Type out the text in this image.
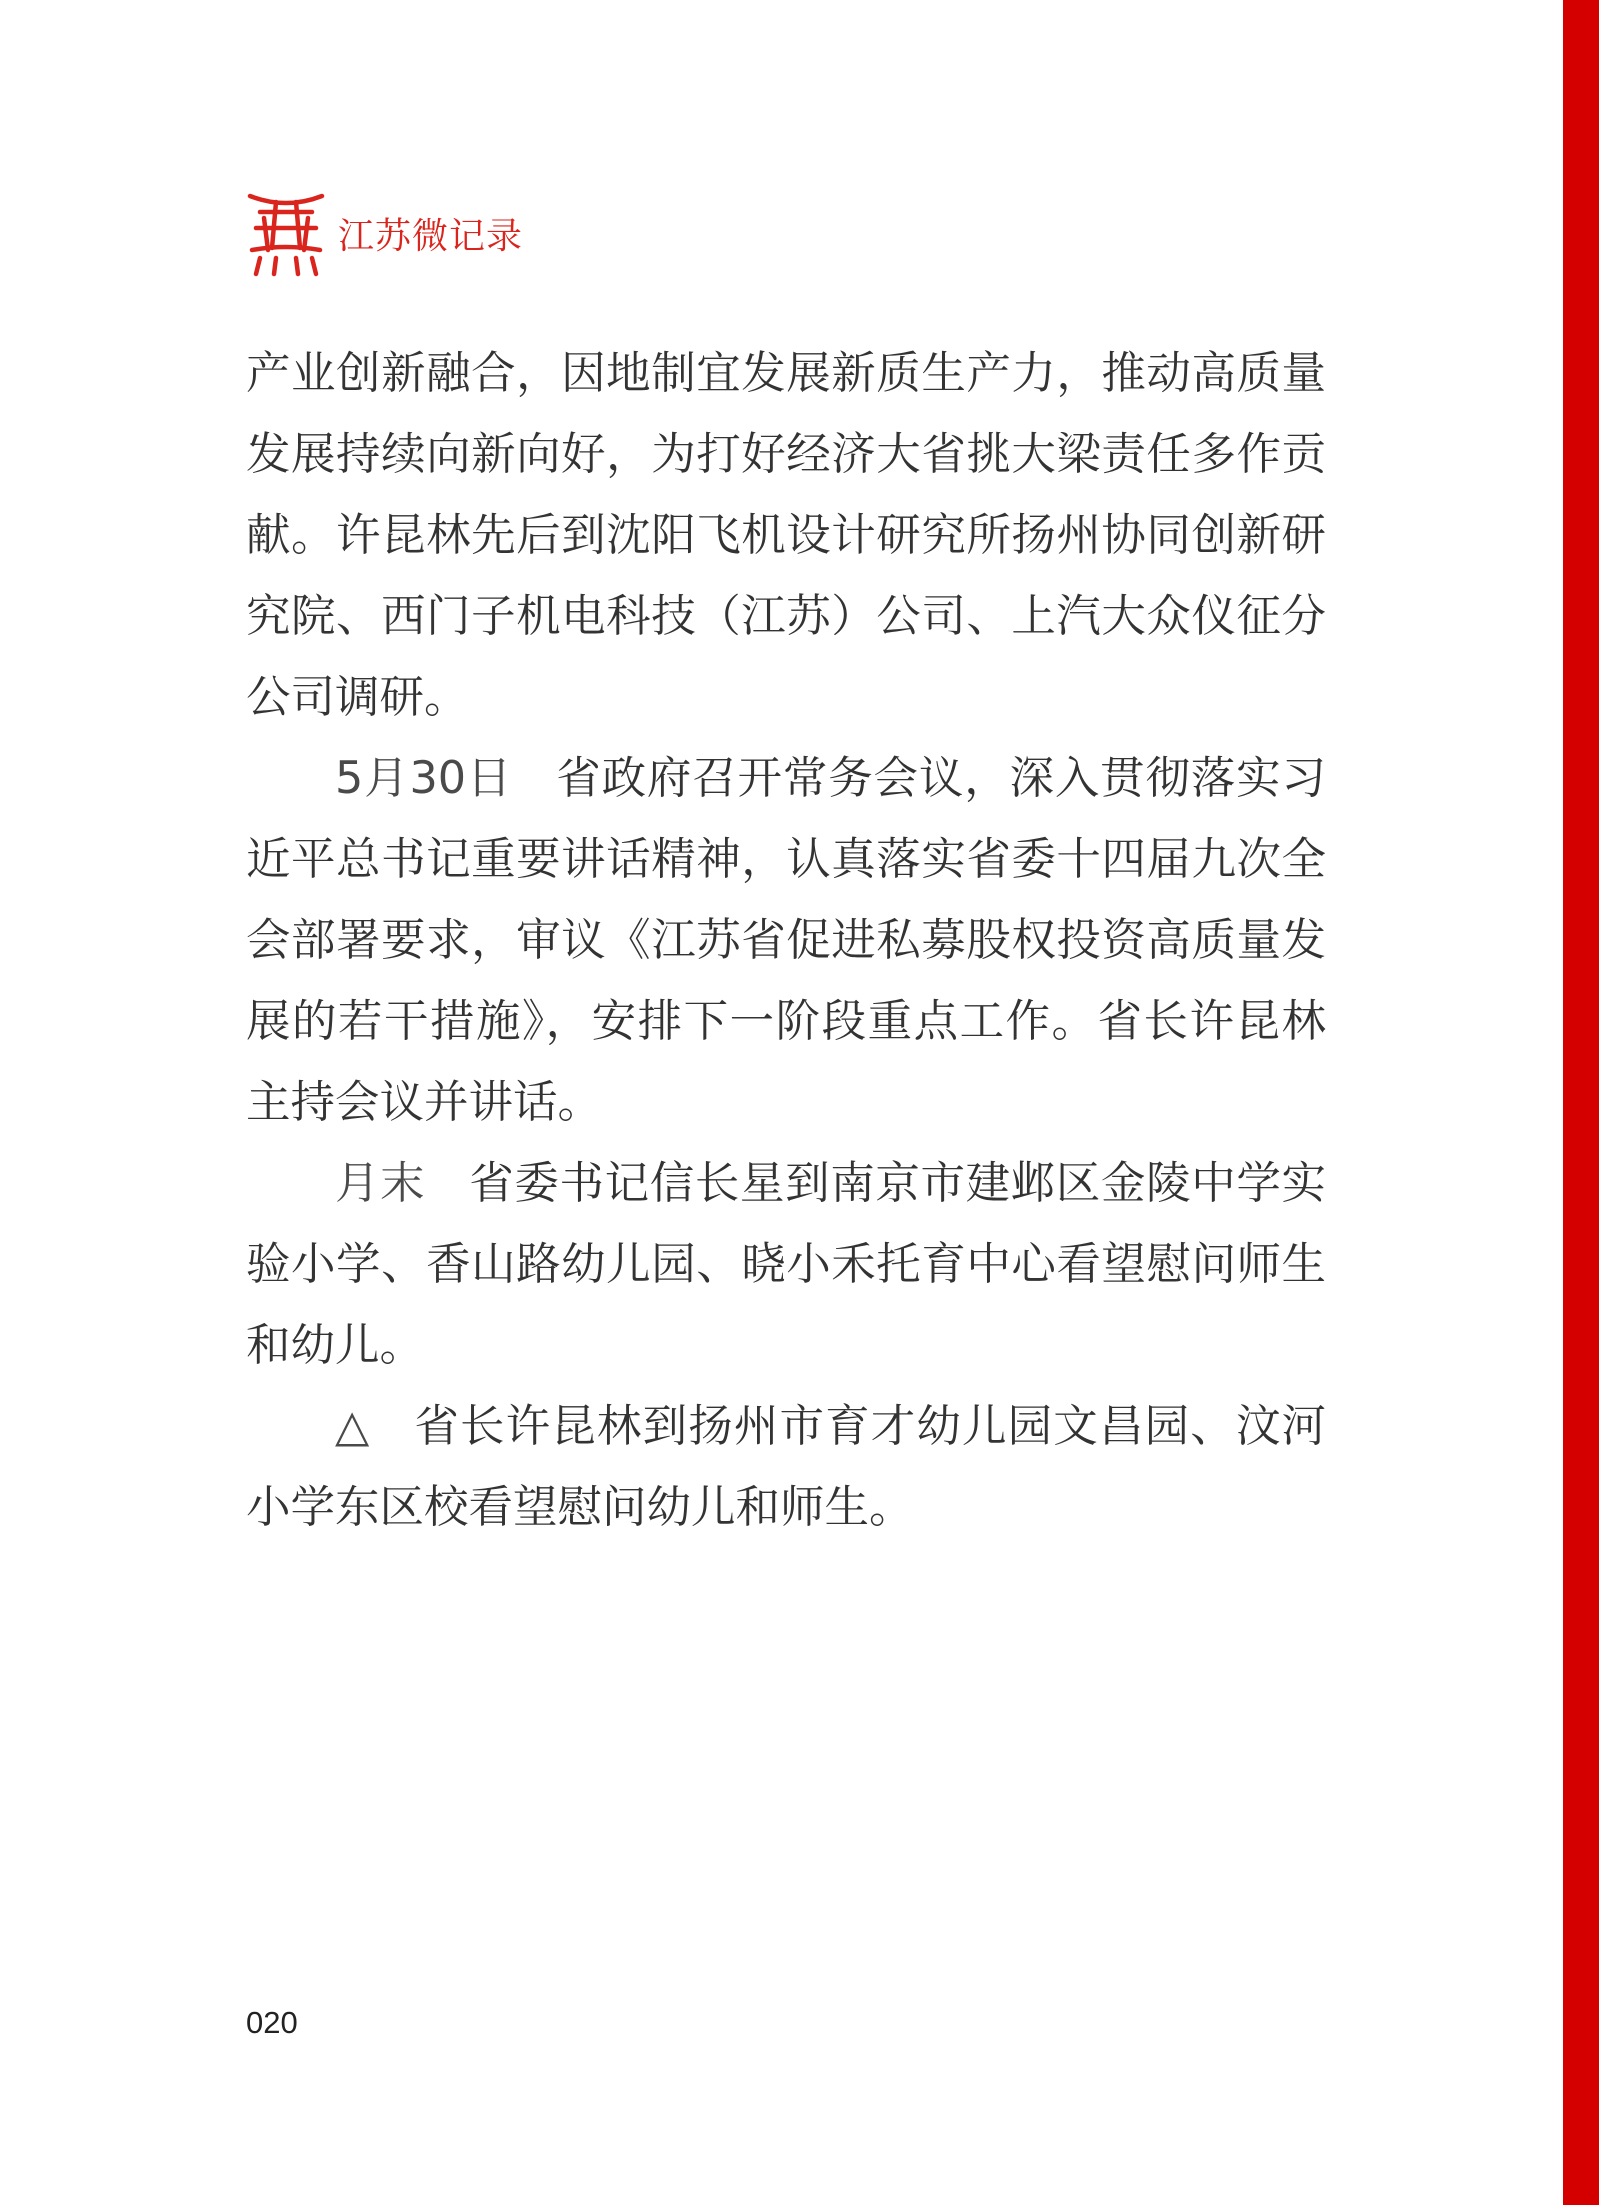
江苏微记录

产业创新融合，因地制宜发展新质生产力，推动高质量发展持续向新向好，为打好经济大省挑大梁责任多作贡献。许昆林先后到沈阳飞机设计研究所扬州协同创新研究院、西门子机电科技（江苏）公司、上汽大众仪征分公司调研。

5月30日 省政府召开常务会议，深入贯彻落实习近平总书记重要讲话精神，认真落实省委十四届九次全会部署要求，审议《江苏省促进私募股权投资高质量发展的若干措施》，安排下一阶段重点工作。省长许昆林主持会议并讲话。

月末 省委书记信长星到南京市建邺区金陵中学实验小学、香山路幼儿园、晓小禾托育中心看望慰问师生和幼儿。

△ 省长许昆林到扬州市育才幼儿园文昌园、汶河小学东区校看望慰问幼儿和师生。

020
